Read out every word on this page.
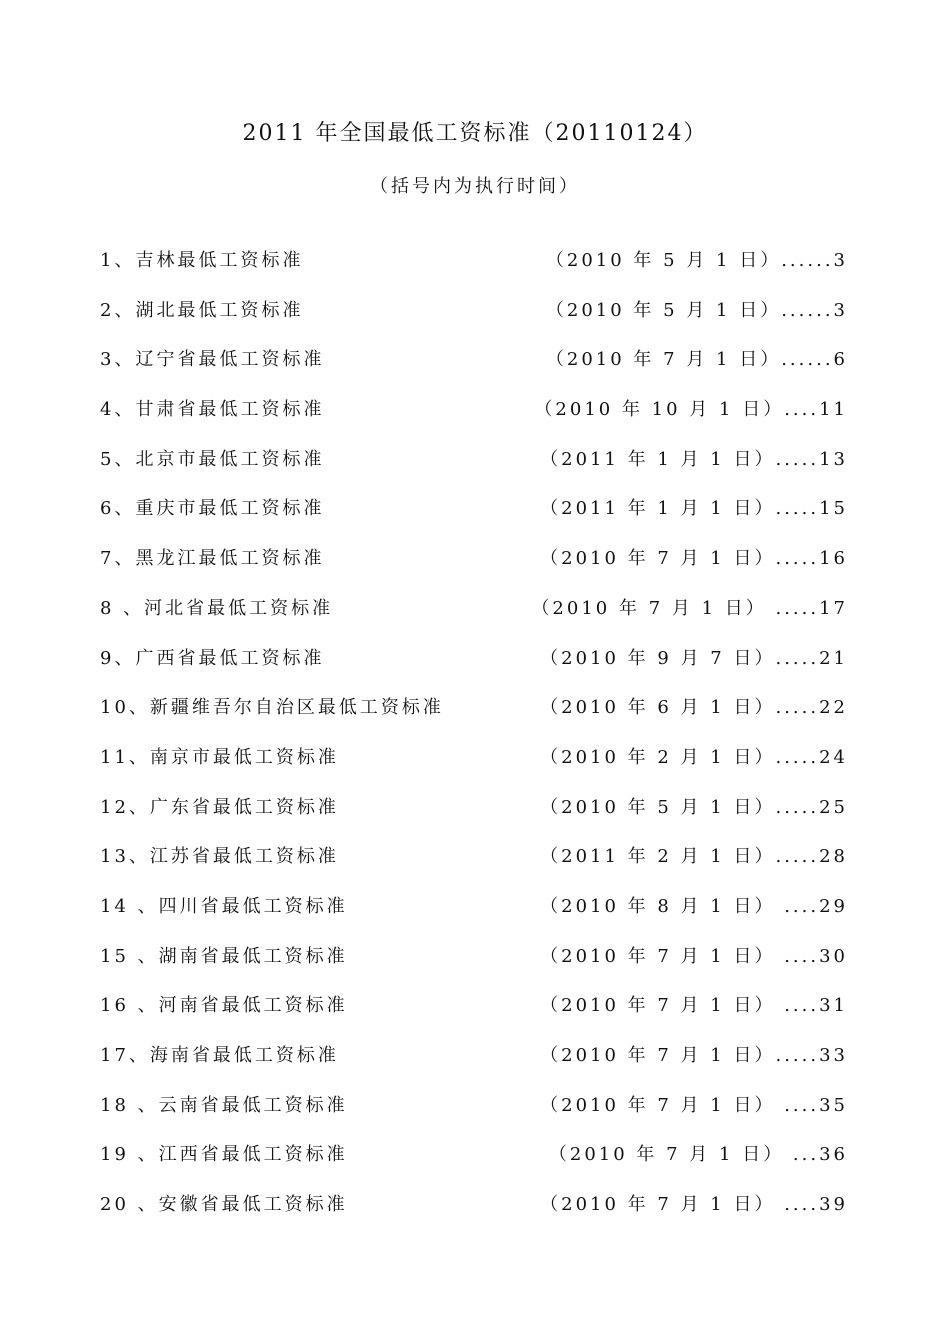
2011 年全国最低工资标准（20110124）
（括号内为执行时间）
1、吉林最低工资标准	（2010 年 5 月 1 日）......3
2、湖北最低工资标准	（2010 年 5 月 1 日）......3
3、辽宁省最低工资标准	（2010 年 7 月 1 日）......6
4、甘肃省最低工资标准	（2010 年 10 月 1 日）....11
5、北京市最低工资标准	（2011 年 1 月 1 日）.....13
6、重庆市最低工资标准	（2011 年 1 月 1 日）.....15
7、黑龙江最低工资标准	（2010 年 7 月 1 日）.....16
8 、河北省最低工资标准	（2010 年 7 月 1 日） .....17
9、广西省最低工资标准	（2010 年 9 月 7 日）.....21
10、新疆维吾尔自治区最低工资标准	（2010 年 6 月 1 日）.....22
11、南京市最低工资标准	（2010 年 2 月 1 日）.....24
12、广东省最低工资标准	（2010 年 5 月 1 日）.....25
13、江苏省最低工资标准	（2011 年 2 月 1 日）.....28
14 、四川省最低工资标准	（2010 年 8 月 1 日） ....29
15 、湖南省最低工资标准	（2010 年 7 月 1 日） ....30
16 、河南省最低工资标准	（2010 年 7 月 1 日） ....31
17、海南省最低工资标准	（2010 年 7 月 1 日）.....33
18 、云南省最低工资标准	（2010 年 7 月 1 日） ....35
19 、江西省最低工资标准	（2010 年 7 月 1 日） ...36
20 、安徽省最低工资标准	（2010 年 7 月 1 日） ....39
